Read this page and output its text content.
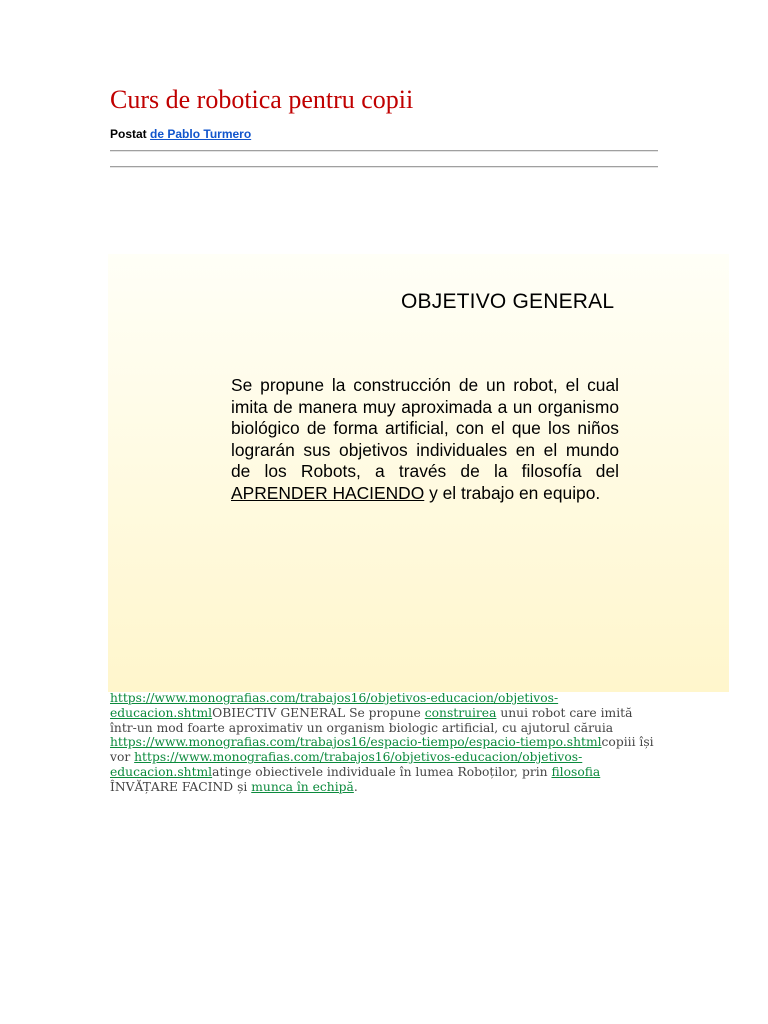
Curs de robotica pentru copii
Postat de Pablo Turmero
OBJETIVO GENERAL

Se propune la construcción de un robot, el cual imita de manera muy aproximada a un organismo biológico de forma artificial, con el que los niños lograrán sus objetivos individuales en el mundo de los Robots, a través de la filosofía del APRENDER HACIENDO y el trabajo en equipo.

https://www.monografias.com/trabajos16/objetivos-educacion/objetivos-educacion.shtmlOBIECTIV GENERAL Se propune construirea unui robot care imită într-un mod foarte aproximativ un organism biologic artificial, cu ajutorul căruia https://www.monografias.com/trabajos16/espacio-tiempo/espacio-tiempo.shtmlcopiii își vor https://www.monografias.com/trabajos16/objetivos-educacion/objetivos-educacion.shtmlatinge obiectivele individuale în lumea Roboților, prin filosofia ÎNVĂȚARE FACIND și munca în echipă.
